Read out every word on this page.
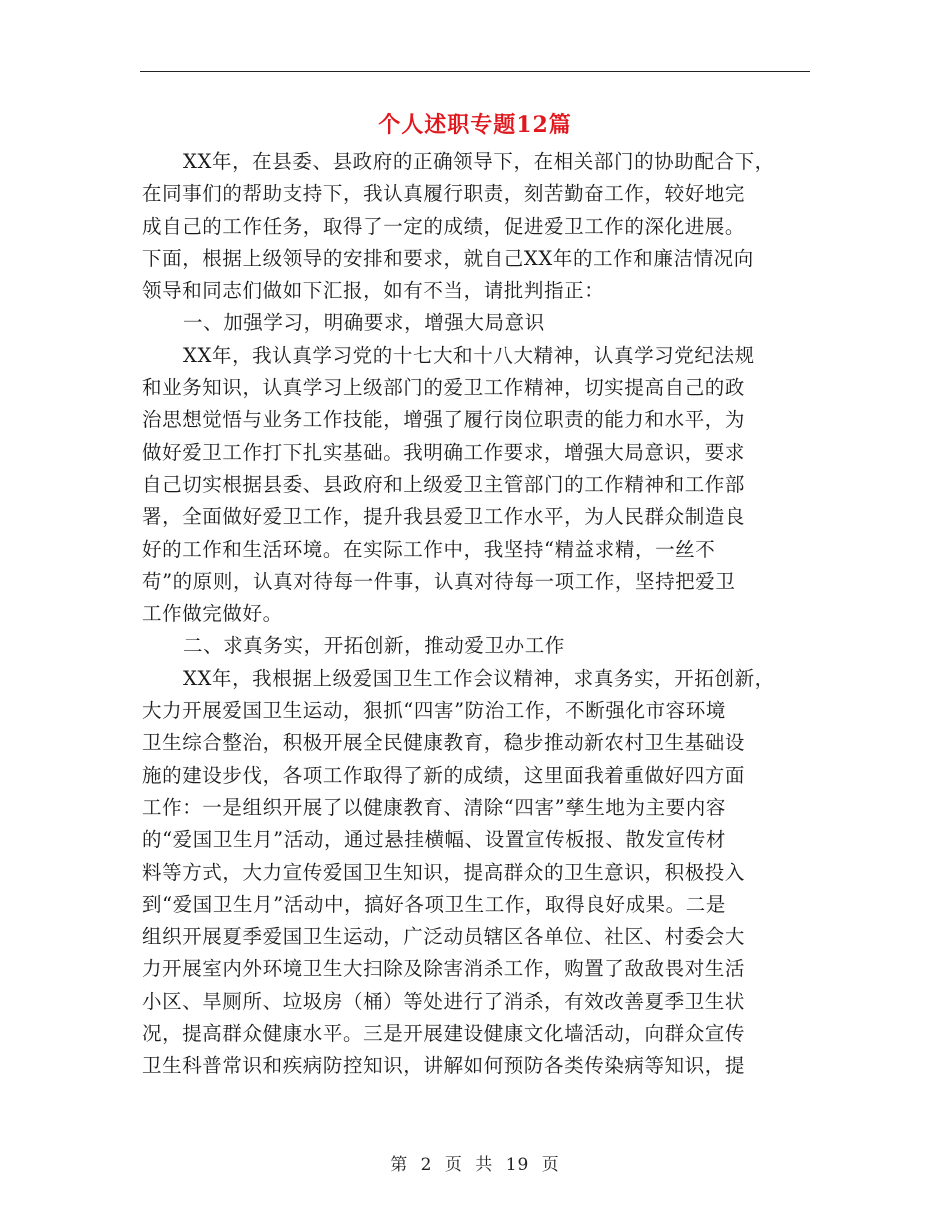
个人述职专题12篇
XX年，在县委、县政府的正确领导下，在相关部门的协助配合下，
在同事们的帮助支持下，我认真履行职责，刻苦勤奋工作，较好地完
成自己的工作任务，取得了一定的成绩，促进爱卫工作的深化进展。
下面，根据上级领导的安排和要求，就自己XX年的工作和廉洁情况向
领导和同志们做如下汇报，如有不当，请批判指正：
一、加强学习，明确要求，增强大局意识
XX年，我认真学习党的十七大和十八大精神，认真学习党纪法规
和业务知识，认真学习上级部门的爱卫工作精神，切实提高自己的政
治思想觉悟与业务工作技能，增强了履行岗位职责的能力和水平，为
做好爱卫工作打下扎实基础。我明确工作要求，增强大局意识，要求
自己切实根据县委、县政府和上级爱卫主管部门的工作精神和工作部
署，全面做好爱卫工作，提升我县爱卫工作水平，为人民群众制造良
好的工作和生活环境。在实际工作中，我坚持“精益求精，一丝不
苟”的原则，认真对待每一件事，认真对待每一项工作，坚持把爱卫
工作做完做好。
二、求真务实，开拓创新，推动爱卫办工作
XX年，我根据上级爱国卫生工作会议精神，求真务实，开拓创新，
大力开展爱国卫生运动，狠抓“四害”防治工作，不断强化市容环境
卫生综合整治，积极开展全民健康教育，稳步推动新农村卫生基础设
施的建设步伐，各项工作取得了新的成绩，这里面我着重做好四方面
工作：一是组织开展了以健康教育、清除“四害”孳生地为主要内容
的“爱国卫生月”活动，通过悬挂横幅、设置宣传板报、散发宣传材
料等方式，大力宣传爱国卫生知识，提高群众的卫生意识，积极投入
到“爱国卫生月”活动中，搞好各项卫生工作，取得良好成果。二是
组织开展夏季爱国卫生运动，广泛动员辖区各单位、社区、村委会大
力开展室内外环境卫生大扫除及除害消杀工作，购置了敌敌畏对生活
小区、旱厕所、垃圾房（桶）等处进行了消杀，有效改善夏季卫生状
况，提高群众健康水平。三是开展建设健康文化墙活动，向群众宣传
卫生科普常识和疾病防控知识，讲解如何预防各类传染病等知识，提
第 2 页 共 19 页
